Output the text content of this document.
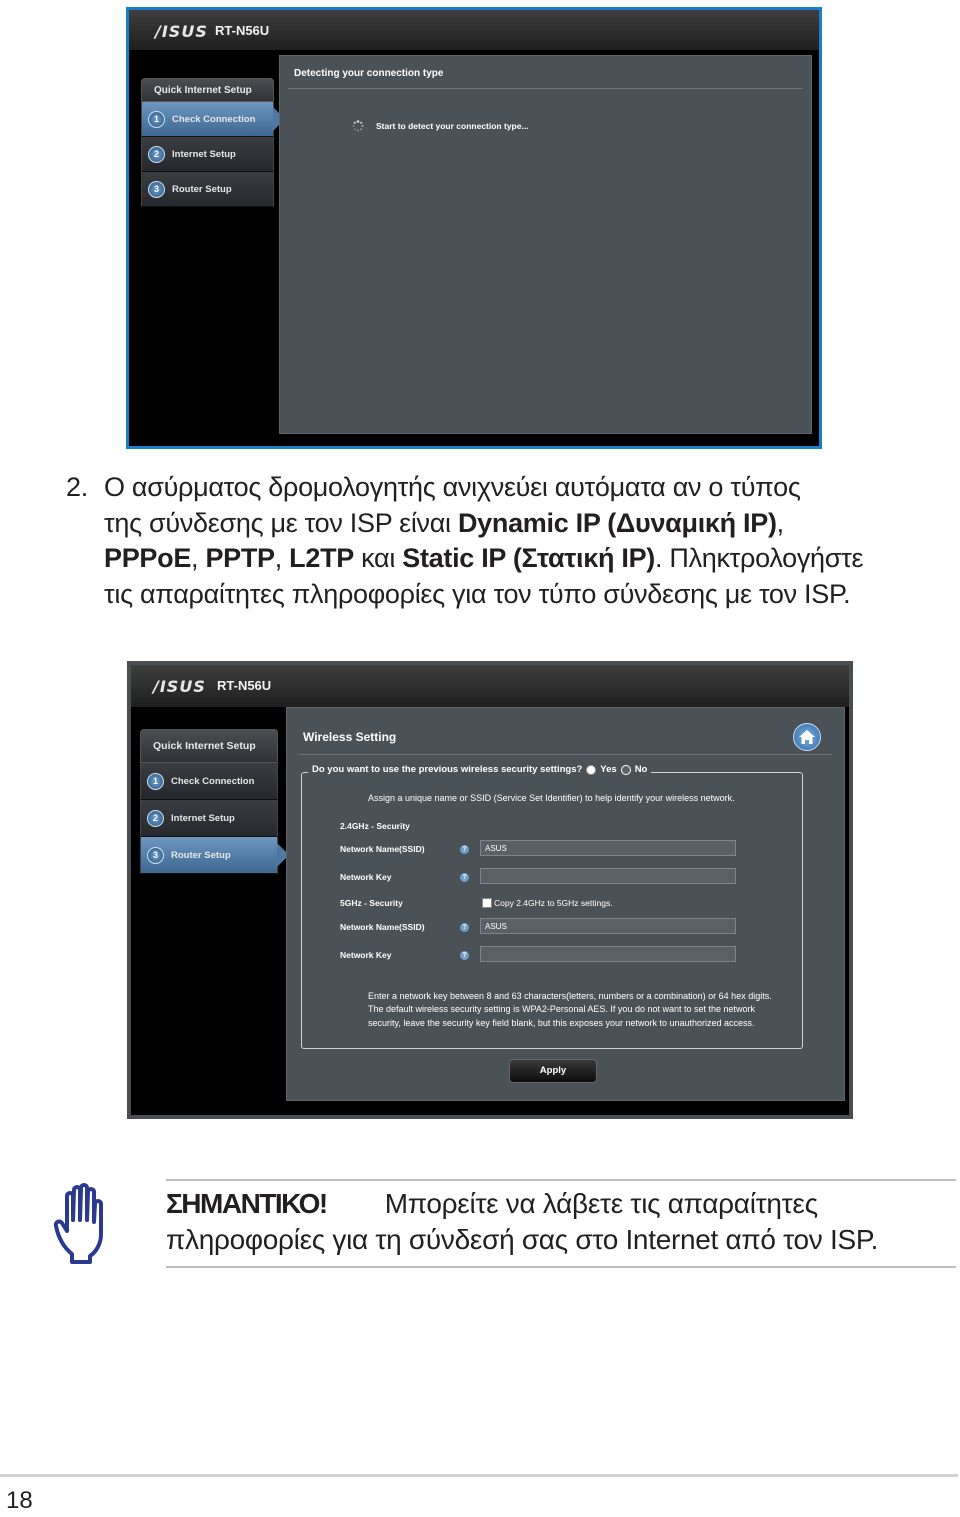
/ISUS RT-N56U
Quick Internet Setup
1	Check Connection
2	Internet Setup
3	Router Setup
Detecting your connection type
Start to detect your connection type...
2. Ο ασύρματος δρομολογητής ανιχνεύει αυτόματα αν ο τύπος
της σύνδεσης με τον ISP είναι Dynamic IP (Δυναμική IP),
PPPoE, PPTP, L2TP και Static IP (Στατική IP). Πληκτρολογήστε
τις απαραίτητες πληροφορίες για τον τύπο σύνδεσης με τον ISP.
/ISUS RT-N56U
Quick Internet Setup
1	Check Connection
2	Internet Setup
3	Router Setup
Wireless Setting
Do you want to use the previous wireless security settings? Yes No
Assign a unique name or SSID (Service Set Identifier) to help identify your wireless network.
2.4GHz - Security
Network Name(SSID)	?	ASUS
Network Key	?
5GHz - Security	Copy 2.4GHz to 5GHz settings.
Network Name(SSID)	?	ASUS
Network Key	?
Enter a network key between 8 and 63 characters(letters, numbers or a combination) or 64 hex digits. The default wireless security setting is WPA2-Personal AES. If you do not want to set the network security, leave the security key field blank, but this exposes your network to unauthorized access.
Apply
ΣΗΜΑΝΤΙΚΟ! Μπορείτε να λάβετε τις απαραίτητες
πληροφορίες για τη σύνδεσή σας στο Internet από τον ISP.
18
